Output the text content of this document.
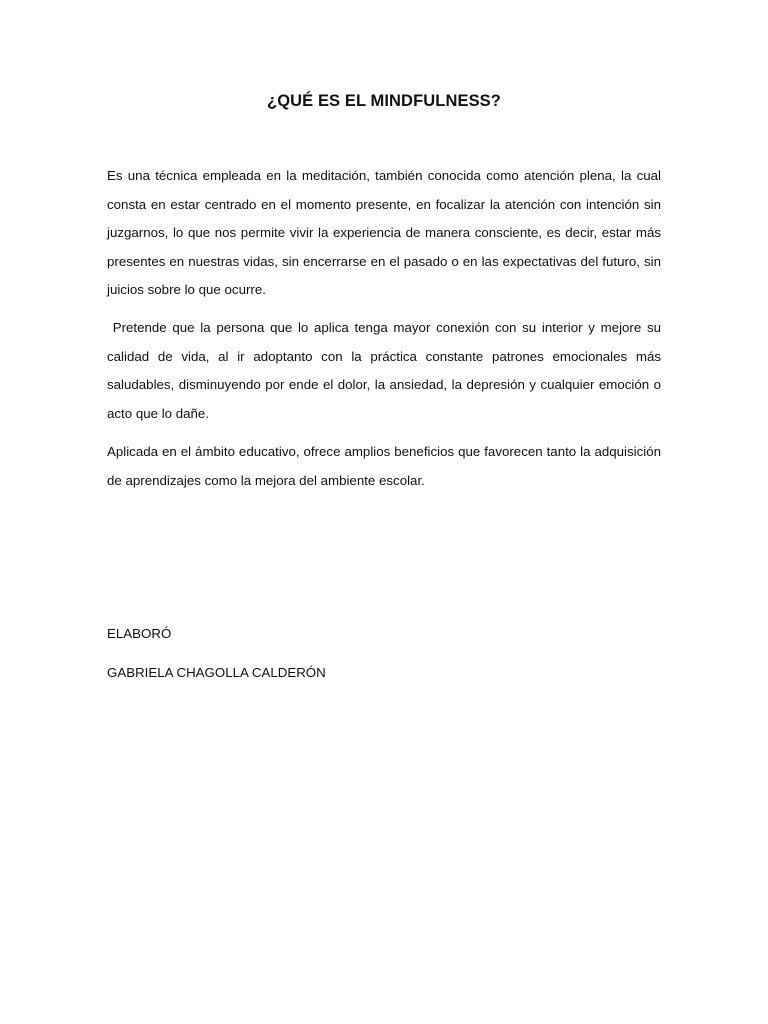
¿QUÉ ES EL MINDFULNESS?

Es una técnica empleada en la meditación, también conocida como atención plena, la cual consta en estar centrado en el momento presente, en focalizar la atención con intención sin juzgarnos, lo que nos permite vivir la experiencia de manera consciente, es decir, estar más presentes en nuestras vidas, sin encerrarse en el pasado o en las expectativas del futuro, sin juicios sobre lo que ocurre.

Pretende que la persona que lo aplica tenga mayor conexión con su interior y mejore su calidad de vida, al ir adoptanto con la práctica constante patrones emocionales más saludables, disminuyendo por ende el dolor, la ansiedad, la depresión y cualquier emoción o acto que lo dañe.

Aplicada en el ámbito educativo, ofrece amplios beneficios que favorecen tanto la adquisición de aprendizajes como la mejora del ambiente escolar.

ELABORÓ

GABRIELA CHAGOLLA CALDERÓN
